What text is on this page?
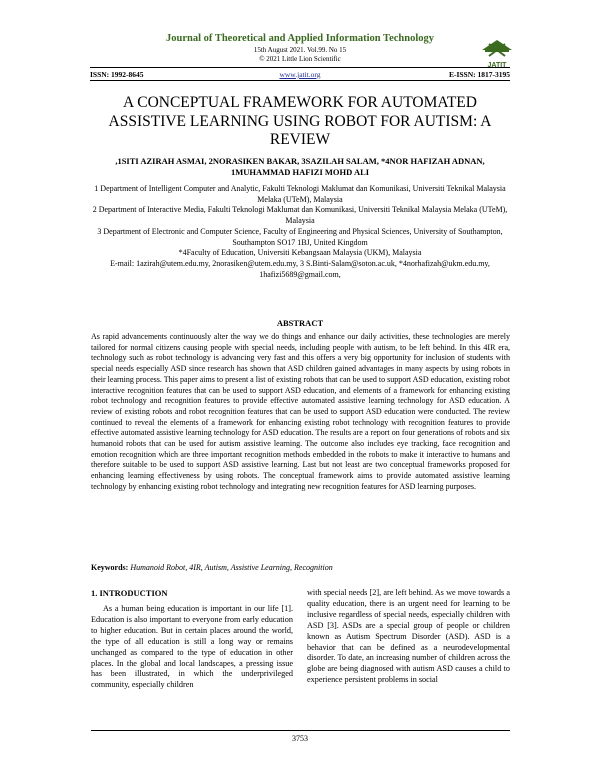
Journal of Theoretical and Applied Information Technology
15th August 2021. Vol.99. No 15
© 2021 Little Lion Scientific
JATIT
ISSN: 1992-8645	www.jatit.org	E-ISSN: 1817-3195
A CONCEPTUAL FRAMEWORK FOR AUTOMATED ASSISTIVE LEARNING USING ROBOT FOR AUTISM: A REVIEW
,1SITI AZIRAH ASMAI, 2NORASIKEN BAKAR, 3SAZILAH SALAM, *4NOR HAFIZAH ADNAN, 1MUHAMMAD HAFIZI MOHD ALI
1 Department of Intelligent Computer and Analytic, Fakulti Teknologi Maklumat dan Komunikasi, Universiti Teknikal Malaysia Melaka (UTeM), Malaysia
2 Department of Interactive Media, Fakulti Teknologi Maklumat dan Komunikasi, Universiti Teknikal Malaysia Melaka (UTeM), Malaysia
3 Department of Electronic and Computer Science, Faculty of Engineering and Physical Sciences, University of Southampton, Southampton SO17 1BJ, United Kingdom
*4Faculty of Education, Universiti Kebangsaan Malaysia (UKM), Malaysia
E-mail: 1azirah@utem.edu.my, 2norasiken@utem.edu.my, 3 S.Binti-Salam@soton.ac.uk, *4norhafizah@ukm.edu.my, 1hafizi5689@gmail.com,
ABSTRACT
As rapid advancements continuously alter the way we do things and enhance our daily activities, these technologies are merely tailored for normal citizens causing people with special needs, including people with autism, to be left behind. In this 4IR era, technology such as robot technology is advancing very fast and this offers a very big opportunity for inclusion of students with special needs especially ASD since research has shown that ASD children gained advantages in many aspects by using robots in their learning process. This paper aims to present a list of existing robots that can be used to support ASD education, existing robot interactive recognition features that can be used to support ASD education, and elements of a framework for enhancing existing robot technology and recognition features to provide effective automated assistive learning technology for ASD education. A review of existing robots and robot recognition features that can be used to support ASD education were conducted. The review continued to reveal the elements of a framework for enhancing existing robot technology with recognition features to provide effective automated assistive learning technology for ASD education. The results are a report on four generations of robots and six humanoid robots that can be used for autism assistive learning. The outcome also includes eye tracking, face recognition and emotion recognition which are three important recognition methods embedded in the robots to make it interactive to humans and therefore suitable to be used to support ASD assistive learning. Last but not least are two conceptual frameworks proposed for enhancing learning effectiveness by using robots. The conceptual framework aims to provide automated assistive learning technology by enhancing existing robot technology and integrating new recognition features for ASD learning purposes.
Keywords: Humanoid Robot, 4IR, Autism, Assistive Learning, Recognition
1. INTRODUCTION
As a human being education is important in our life [1]. Education is also important to everyone from early education to higher education. But in certain places around the world, the type of all education is still a long way or remains unchanged as compared to the type of education in other places. In the global and local landscapes, a pressing issue has been illustrated, in which the underprivileged community, especially children
with special needs [2], are left behind. As we move towards a quality education, there is an urgent need for learning to be inclusive regardless of special needs, especially children with ASD [3]. ASDs are a special group of people or children known as Autism Spectrum Disorder (ASD). ASD is a behavior that can be defined as a neurodevelopmental disorder. To date, an increasing number of children across the globe are being diagnosed with autism ASD causes a child to experience persistent problems in social
3753
